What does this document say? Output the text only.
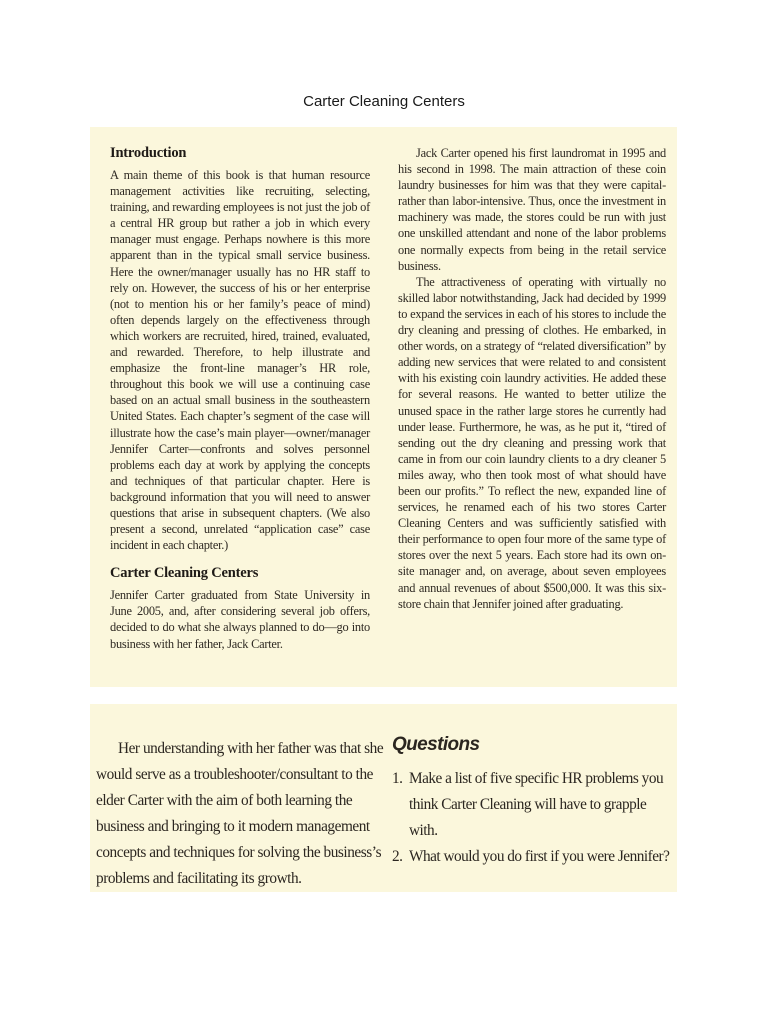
Carter Cleaning Centers
Introduction

A main theme of this book is that human resource management activities like recruiting, selecting, training, and rewarding employees is not just the job of a central HR group but rather a job in which every manager must engage. Perhaps nowhere is this more apparent than in the typical small service business. Here the owner/manager usually has no HR staff to rely on. However, the success of his or her enterprise (not to mention his or her family’s peace of mind) often depends largely on the effectiveness through which workers are recruited, hired, trained, evaluated, and rewarded. Therefore, to help illustrate and emphasize the front-line manager’s HR role, throughout this book we will use a continuing case based on an actual small business in the southeastern United States. Each chapter’s segment of the case will illustrate how the case’s main player—owner/manager Jennifer Carter—confronts and solves personnel problems each day at work by applying the concepts and techniques of that particular chapter. Here is background information that you will need to answer questions that arise in subsequent chapters. (We also present a second, unrelated “application case” case incident in each chapter.)

Carter Cleaning Centers

Jennifer Carter graduated from State University in June 2005, and, after considering several job offers, decided to do what she always planned to do—go into business with her father, Jack Carter.

Jack Carter opened his first laundromat in 1995 and his second in 1998. The main attraction of these coin laundry businesses for him was that they were capital- rather than labor-intensive. Thus, once the investment in machinery was made, the stores could be run with just one unskilled attendant and none of the labor problems one normally expects from being in the retail service business.

The attractiveness of operating with virtually no skilled labor notwithstanding, Jack had decided by 1999 to expand the services in each of his stores to include the dry cleaning and pressing of clothes. He embarked, in other words, on a strategy of “related diversification” by adding new services that were related to and consistent with his existing coin laundry activities. He added these for several reasons. He wanted to better utilize the unused space in the rather large stores he currently had under lease. Furthermore, he was, as he put it, “tired of sending out the dry cleaning and pressing work that came in from our coin laundry clients to a dry cleaner 5 miles away, who then took most of what should have been our profits.” To reflect the new, expanded line of services, he renamed each of his two stores Carter Cleaning Centers and was sufficiently satisfied with their performance to open four more of the same type of stores over the next 5 years. Each store had its own on-site manager and, on average, about seven employees and annual revenues of about $500,000. It was this six-store chain that Jennifer joined after graduating.

Her understanding with her father was that she would serve as a troubleshooter/consultant to the elder Carter with the aim of both learning the business and bringing to it modern management concepts and techniques for solving the business’s problems and facilitating its growth.

Questions
1. Make a list of five specific HR problems you think Carter Cleaning will have to grapple with.
2. What would you do first if you were Jennifer?
